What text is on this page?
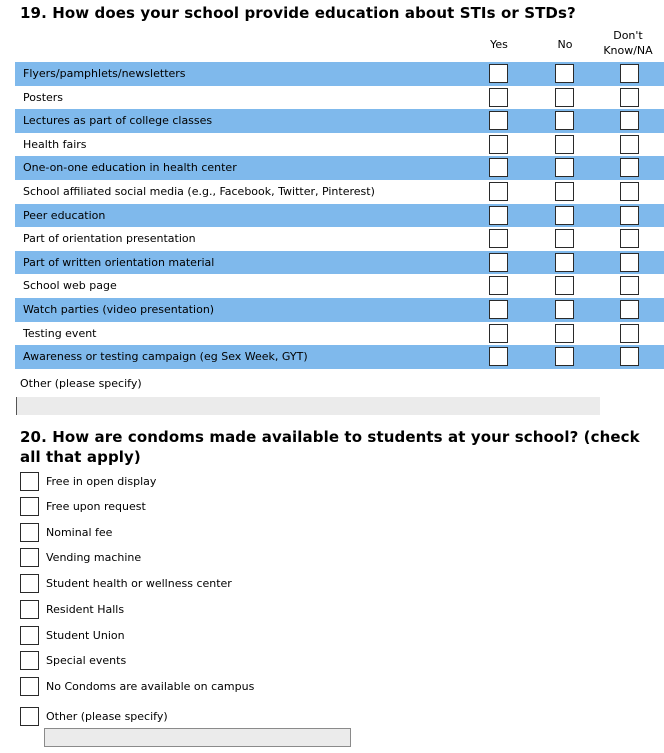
19. How does your school provide education about STIs or STDs?
Yes	No
Don't Know/NA
Flyers/pamphlets/newsletters
Posters
Lectures as part of college classes
Health fairs
One-on-one education in health center
School affiliated social media (e.g., Facebook, Twitter, Pinterest)
Peer education
Part of orientation presentation
Part of written orientation material
School web page
Watch parties (video presentation)
Testing event
Awareness or testing campaign (eg Sex Week, GYT)
Other (please specify)
20. How are condoms made available to students at your school? (check all that apply)
Free in open display
Free upon request
Nominal fee
Vending machine
Student health or wellness center
Resident Halls
Student Union
Special events
No Condoms are available on campus
Other (please specify)
